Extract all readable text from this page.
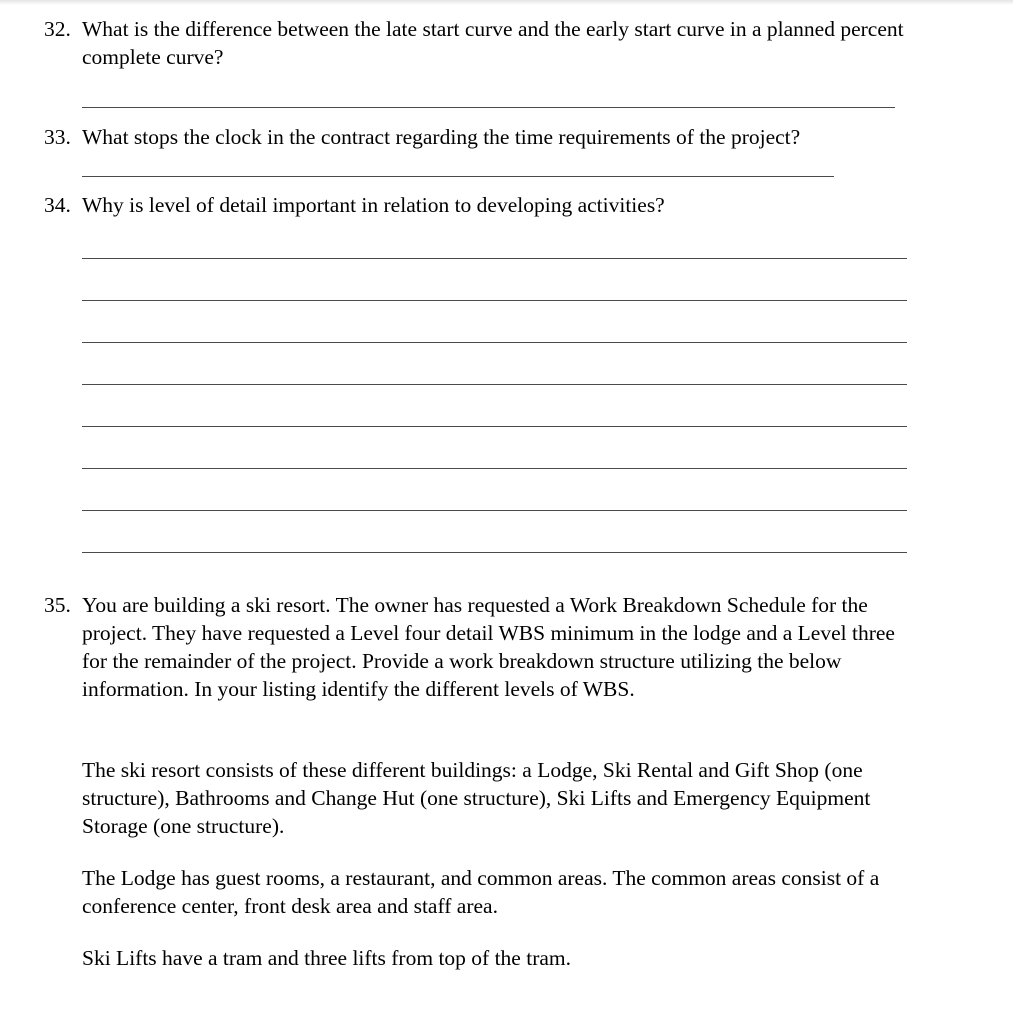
32. What is the difference between the late start curve and the early start curve in a planned percent complete curve?

33. What stops the clock in the contract regarding the time requirements of the project?

34. Why is level of detail important in relation to developing activities?

35. You are building a ski resort. The owner has requested a Work Breakdown Schedule for the project. They have requested a Level four detail WBS minimum in the lodge and a Level three for the remainder of the project. Provide a work breakdown structure utilizing the below information. In your listing identify the different levels of WBS.

The ski resort consists of these different buildings: a Lodge, Ski Rental and Gift Shop (one structure), Bathrooms and Change Hut (one structure), Ski Lifts and Emergency Equipment Storage (one structure).

The Lodge has guest rooms, a restaurant, and common areas. The common areas consist of a conference center, front desk area and staff area.

Ski Lifts have a tram and three lifts from top of the tram.
